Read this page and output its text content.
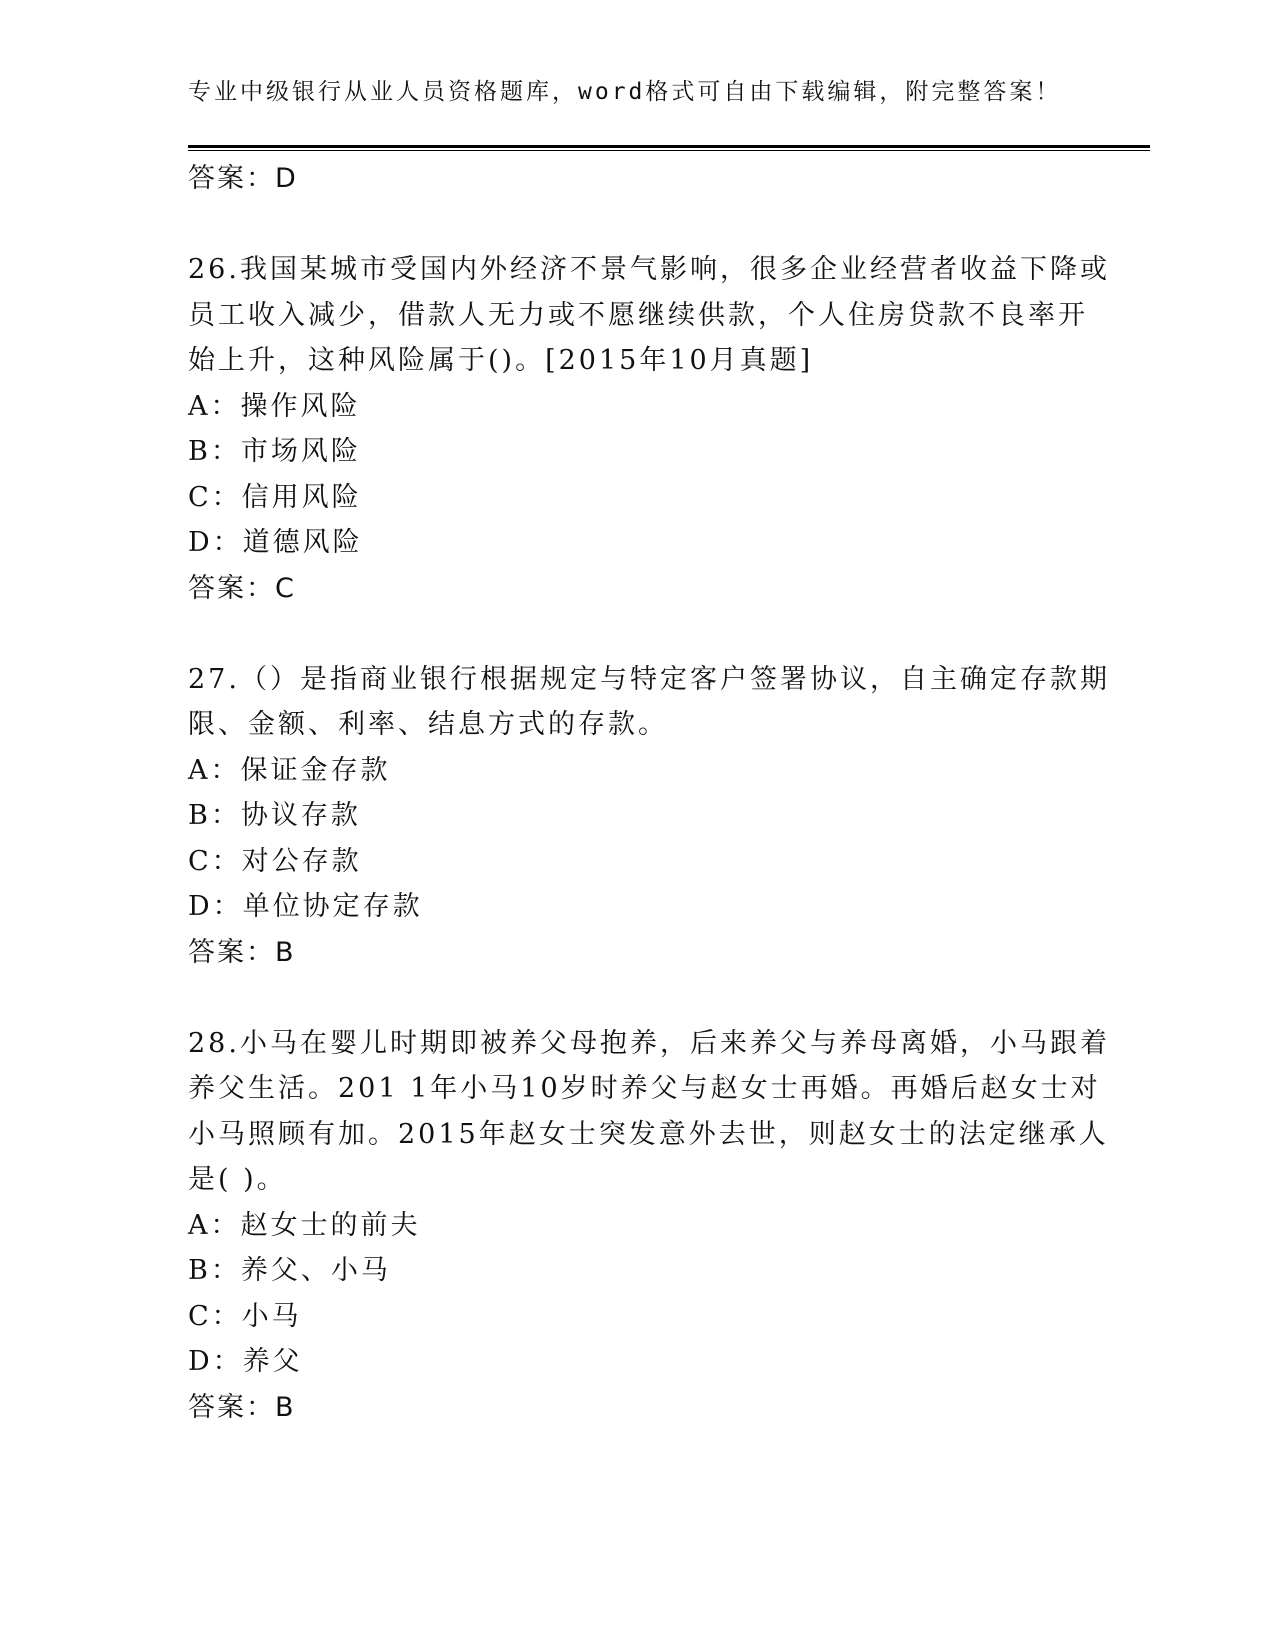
专业中级银行从业人员资格题库，word格式可自由下载编辑，附完整答案！
答案：D
26.我国某城市受国内外经济不景气影响，很多企业经营者收益下降或
员工收入减少，借款人无力或不愿继续供款，个人住房贷款不良率开
始上升，这种风险属于()。[2015年10月真题]
A：操作风险
B：市场风险
C：信用风险
D：道德风险
答案：C
27.（）是指商业银行根据规定与特定客户签署协议，自主确定存款期
限、金额、利率、结息方式的存款。
A：保证金存款
B：协议存款
C：对公存款
D：单位协定存款
答案：B
28.小马在婴儿时期即被养父母抱养，后来养父与养母离婚，小马跟着
养父生活。201 1年小马10岁时养父与赵女士再婚。再婚后赵女士对
小马照顾有加。2015年赵女士突发意外去世，则赵女士的法定继承人
是( )。
A：赵女士的前夫
B：养父、小马
C：小马
D：养父
答案：B
